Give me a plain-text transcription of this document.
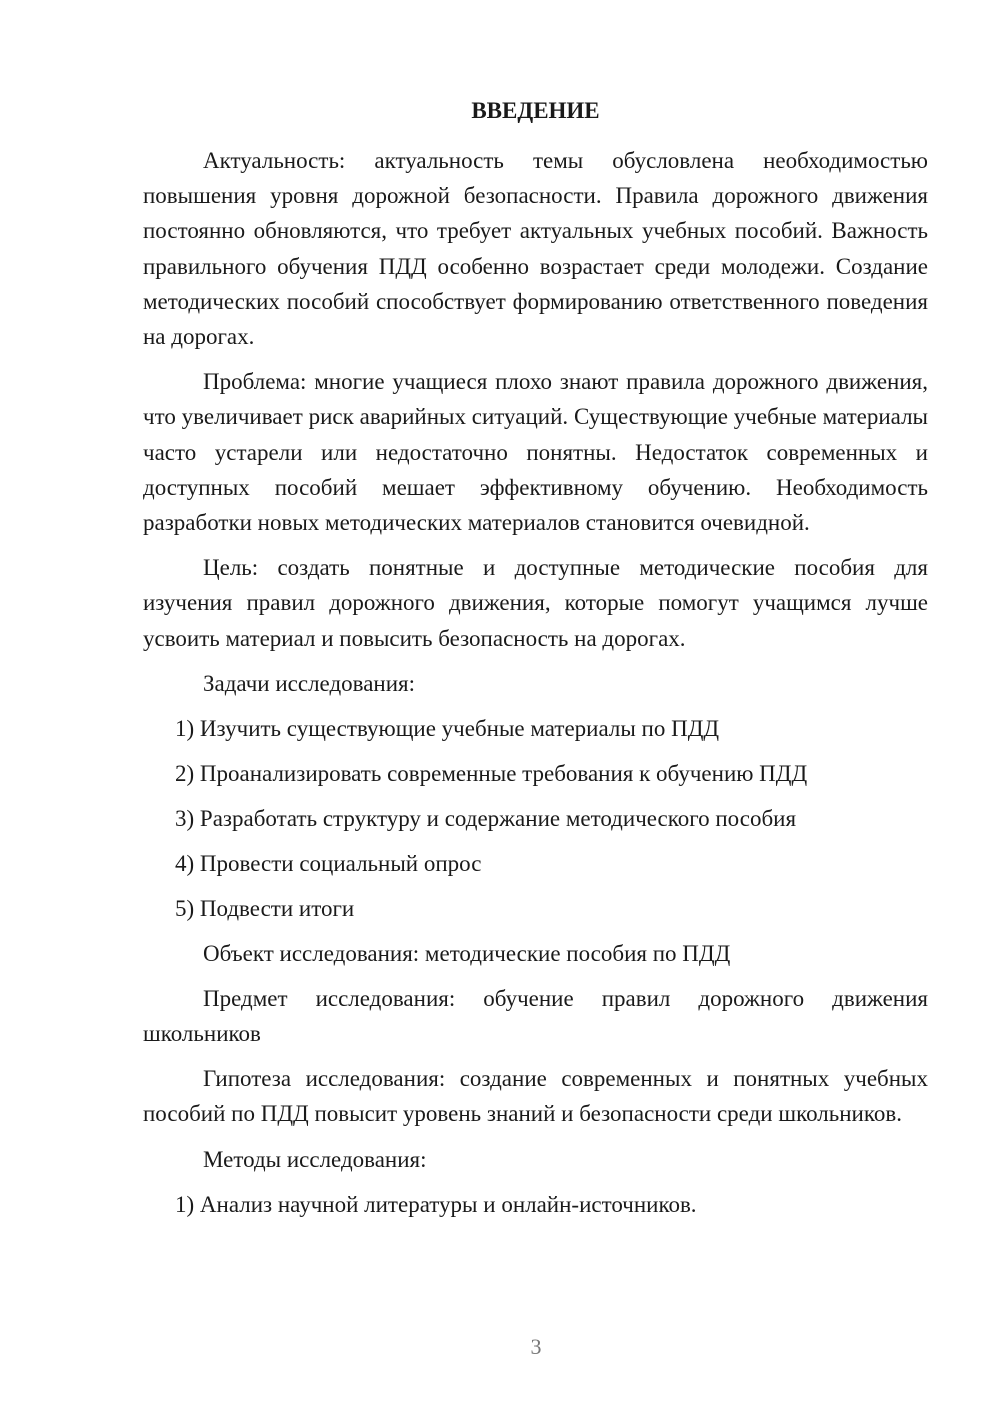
ВВЕДЕНИЕ

Актуальность: актуальность темы обусловлена необходимостью повышения уровня дорожной безопасности. Правила дорожного движения постоянно обновляются, что требует актуальных учебных пособий. Важность правильного обучения ПДД особенно возрастает среди молодежи. Создание методических пособий способствует формированию ответственного поведения на дорогах.

Проблема: многие учащиеся плохо знают правила дорожного движения, что увеличивает риск аварийных ситуаций. Существующие учебные материалы часто устарели или недостаточно понятны. Недостаток современных и доступных пособий мешает эффективному обучению. Необходимость разработки новых методических материалов становится очевидной.

Цель: создать понятные и доступные методические пособия для изучения правил дорожного движения, которые помогут учащимся лучше усвоить материал и повысить безопасность на дорогах.

Задачи исследования:
1) Изучить существующие учебные материалы по ПДД
2) Проанализировать современные требования к обучению ПДД
3) Разработать структуру и содержание методического пособия
4) Провести социальный опрос
5) Подвести итоги
Объект исследования: методические пособия по ПДД

Предмет исследования: обучение правил дорожного движения школьников

Гипотеза исследования: создание современных и понятных учебных пособий по ПДД повысит уровень знаний и безопасности среди школьников.

Методы исследования:
1) Анализ научной литературы и онлайн-источников.
3
